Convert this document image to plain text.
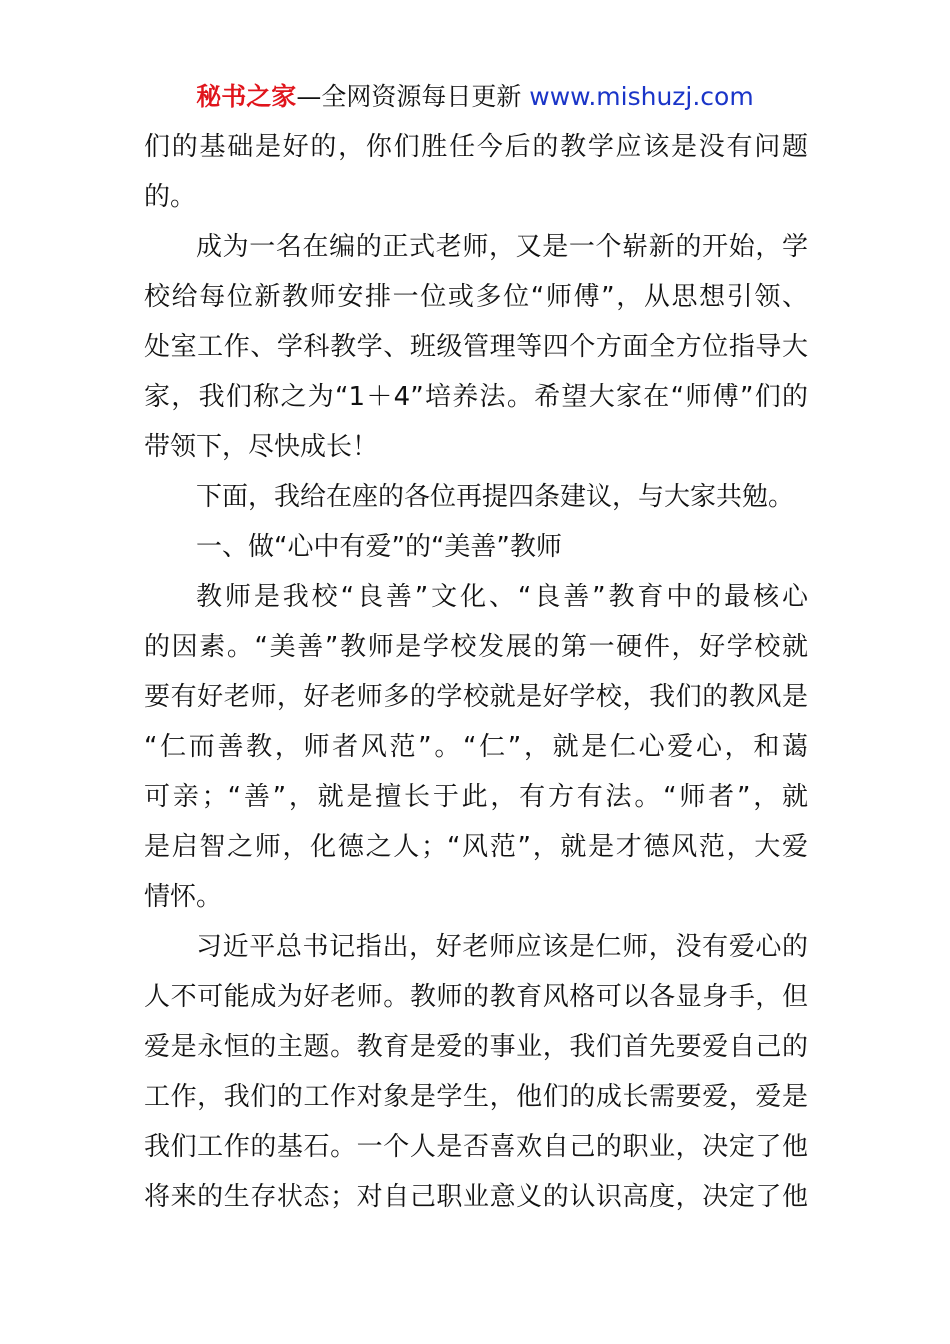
秘书之家—全网资源每日更新 www.mishuzj.com
们的基础是好的，你们胜任今后的教学应该是没有问题
的。
成为一名在编的正式老师，又是一个崭新的开始，学
校给每位新教师安排一位或多位“师傅”，从思想引领、
处室工作、学科教学、班级管理等四个方面全方位指导大
家，我们称之为“1＋4”培养法。希望大家在“师傅”们的
带领下，尽快成长！
下面，我给在座的各位再提四条建议，与大家共勉。
一、做“心中有爱”的“美善”教师
教师是我校“良善”文化、“良善”教育中的最核心
的因素。“美善”教师是学校发展的第一硬件，好学校就
要有好老师，好老师多的学校就是好学校，我们的教风是
“仁而善教，师者风范”。“仁”，就是仁心爱心，和蔼
可亲；“善”，就是擅长于此，有方有法。“师者”，就
是启智之师，化德之人；“风范”，就是才德风范，大爱
情怀。
习近平总书记指出，好老师应该是仁师，没有爱心的
人不可能成为好老师。教师的教育风格可以各显身手，但
爱是永恒的主题。教育是爱的事业，我们首先要爱自己的
工作，我们的工作对象是学生，他们的成长需要爱，爱是
我们工作的基石。一个人是否喜欢自己的职业，决定了他
将来的生存状态；对自己职业意义的认识高度，决定了他
